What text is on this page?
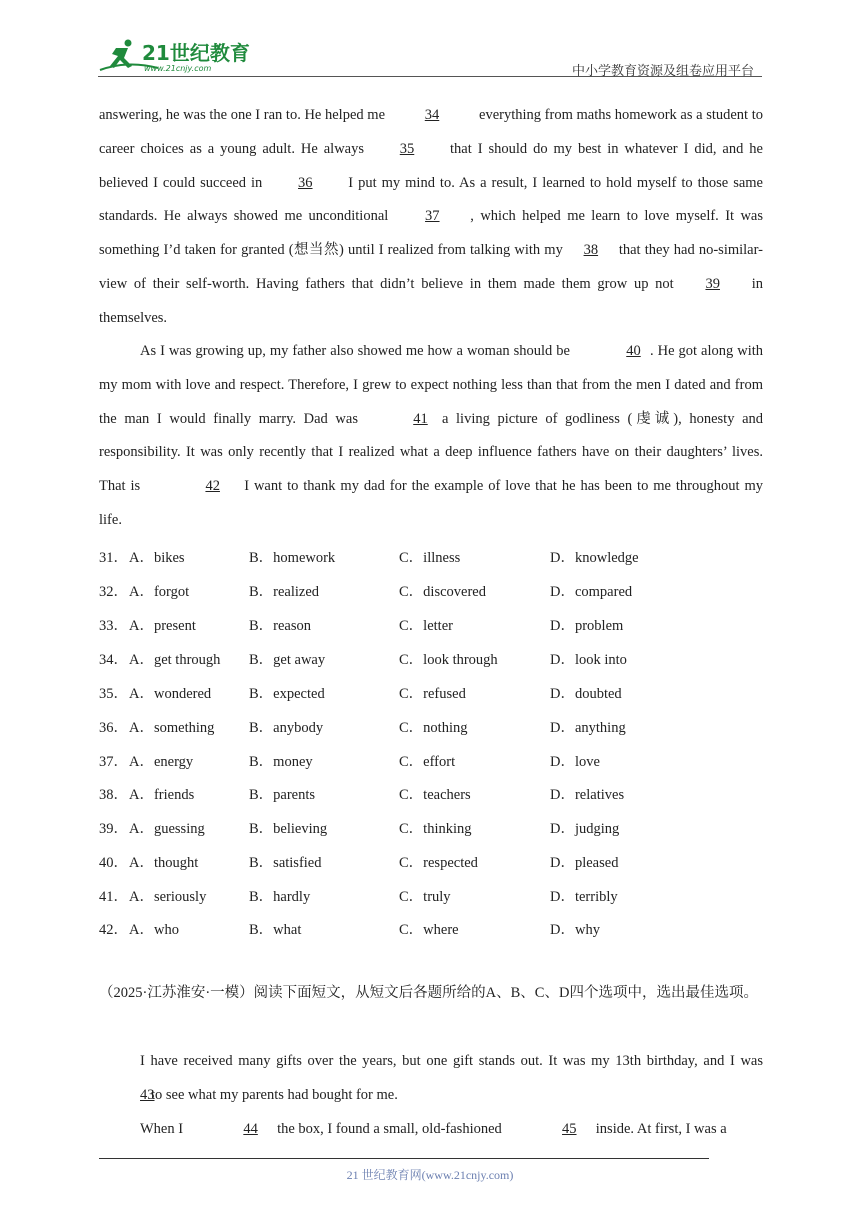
21世纪教育
www.21cnjy.com	中小学教育资源及组卷应用平台
answering, he was the one I ran to. He helped me	34	everything from maths homework as a student to career choices as a young adult. He always 35 that I should do my best in whatever I did, and he believed I could succeed in 36 I put my mind to. As a result, I learned to hold myself to those same standards. He always showed me unconditional	37 , which helped me learn to love myself. It was something I’d taken for granted (想当然) until I realized from talking with my 38 that they had no-similar-view of their self-worth. Having fathers that didn’t believe in them made them grow up not 39 in themselves.
As I was growing up, my father also showed me how a woman should be	40 . He got along with my mom with love and respect. Therefore, I grew to expect nothing less than that from the men I dated and from the man I would finally marry. Dad was	41 a living picture of godliness (虔诚), honesty and responsibility. It was only recently that I realized what a deep influence fathers have on their daughters’ lives. That is	42 I want to thank my dad for the example of love that he has been to me throughout my life.
31． A．bikes	B．homework	C．illness	D．knowledge
32． A．forgot	B．realized	C．discovered	D．compared
33． A．present	B．reason	C．letter	D．problem
34． A．get through B．get away	C．look through	D．look into
35． A．wondered	B．expected	C．refused	D．doubted
36． A．something B．anybody	C．nothing	D．anything
37． A．energy	B．money	C．effort	D．love
38． A．friends	B．parents	C．teachers	D．relatives
39． A．guessing	B．believing	C．thinking	D．judging
40． A．thought	B．satisfied	C．respected	D．pleased
41． A．seriously	B．hardly	C．truly	D．terribly
42． A．who	B．what	C．where	D．why
（2025·江苏淮安·一模）阅读下面短文，从短文后各题所给的A、B、C、D四个选项中，选出最佳选项。
I have received many gifts over the years, but one gift stands out. It was my 13th birthday, and I was43to see what my parents had bought for me.
When I	44 the box, I found a small, old-fashioned	45 inside. At first, I was a
21 世纪教育网(www.21cnjy.com)
